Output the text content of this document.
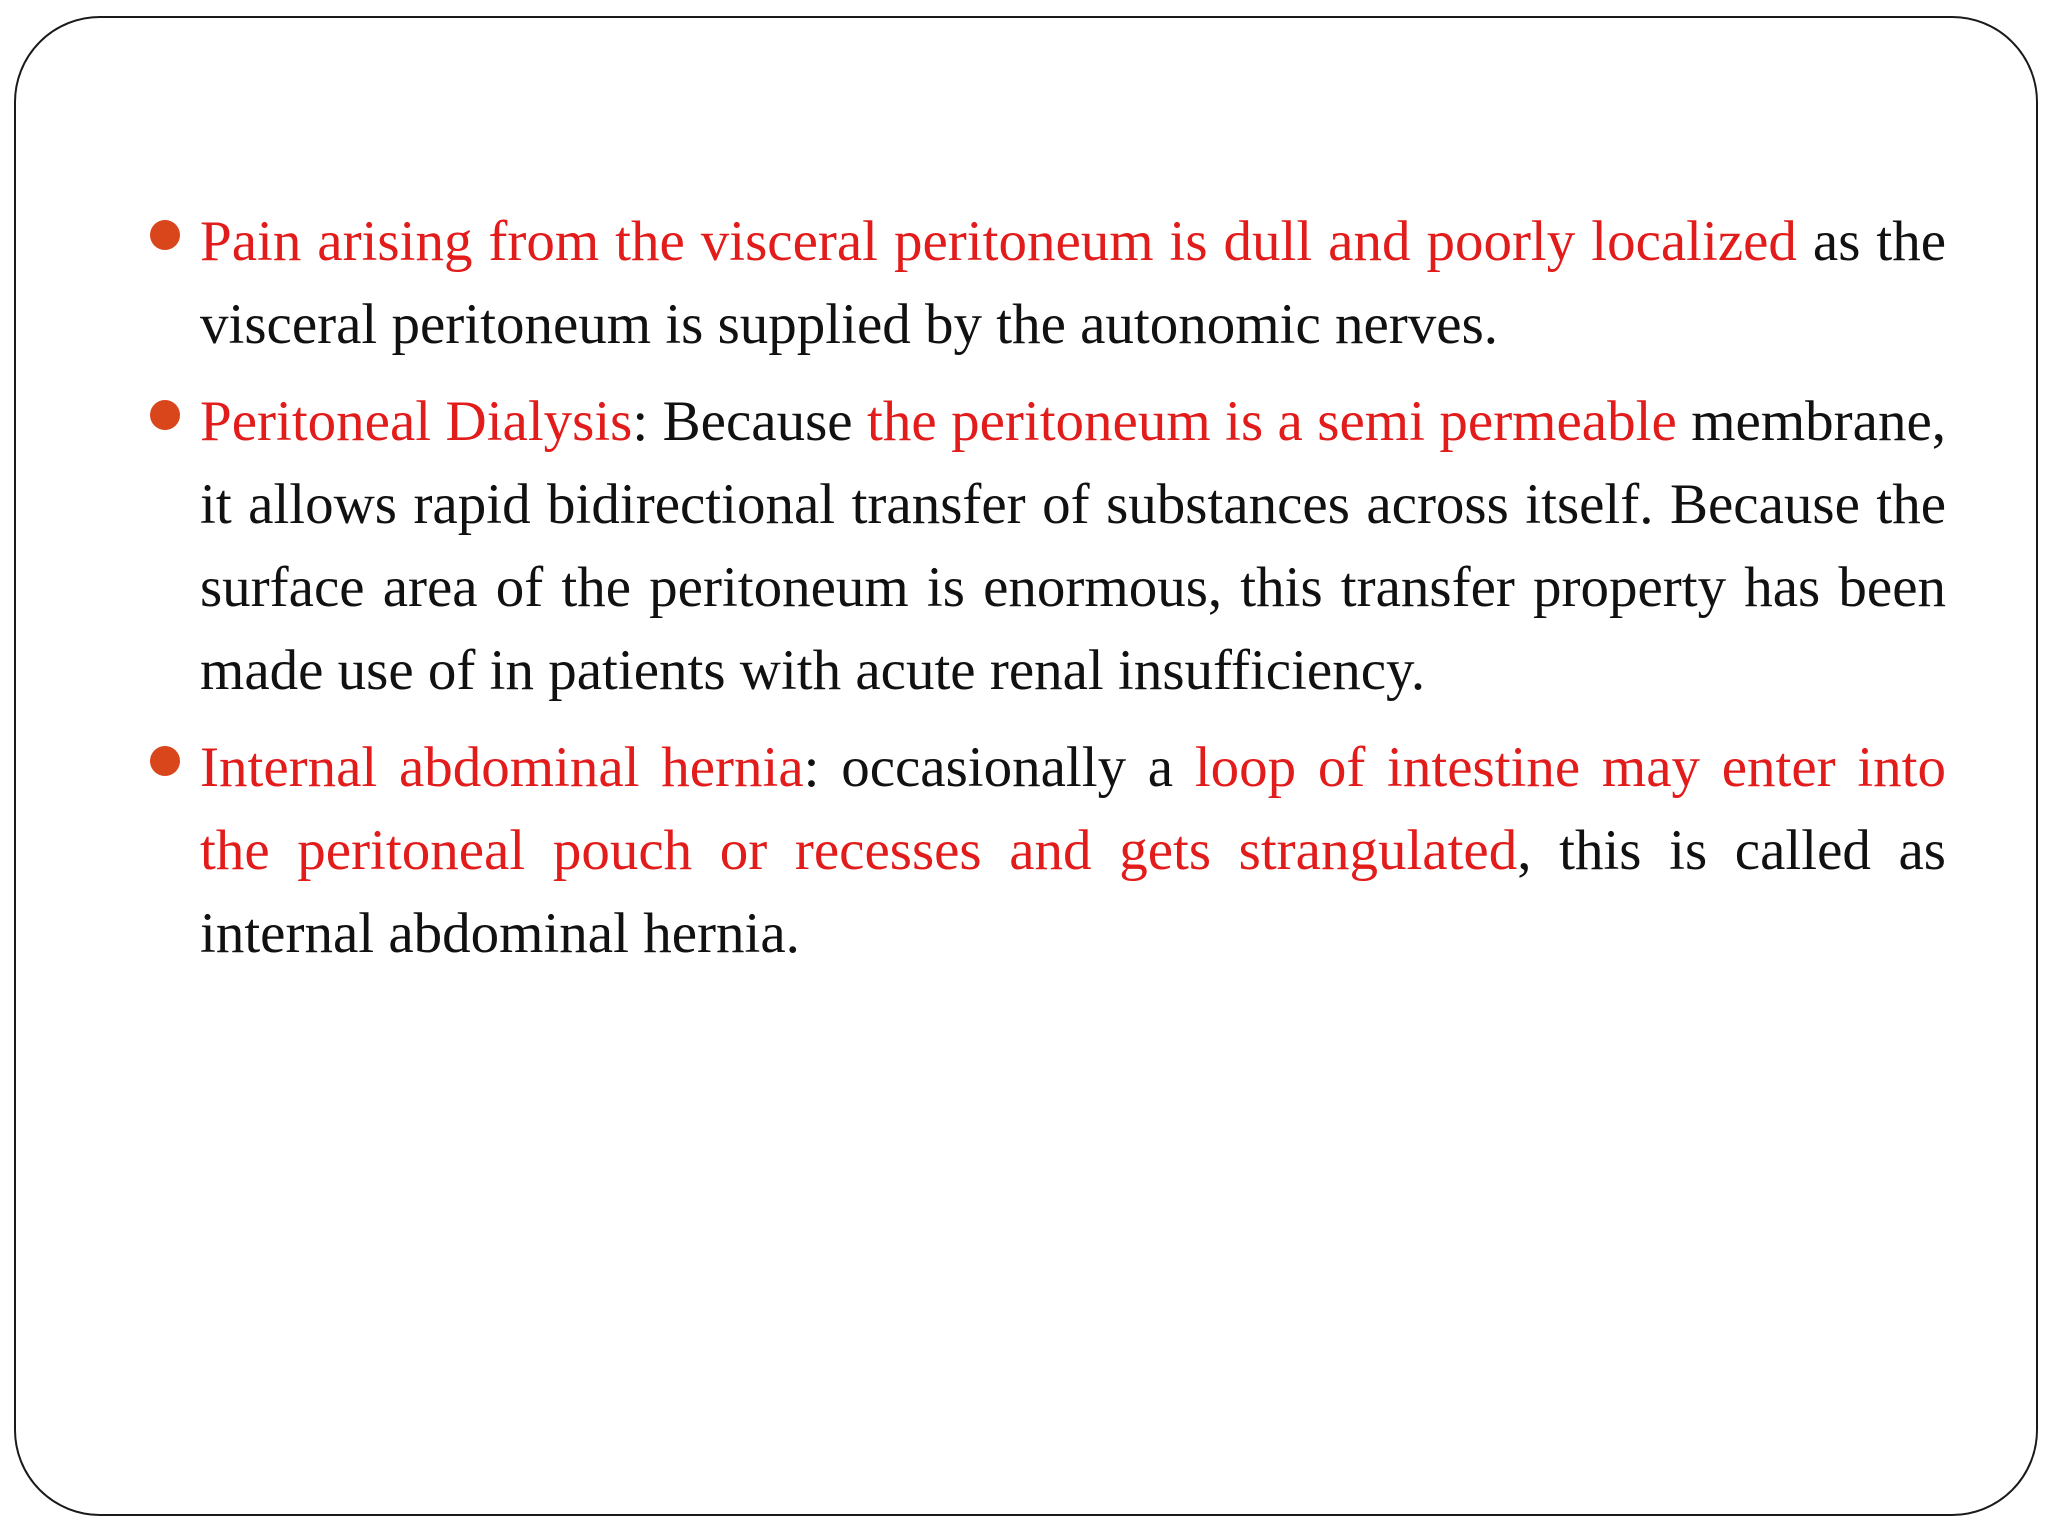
Pain arising from the visceral peritoneum is dull and poorly localized as the visceral peritoneum is supplied by the autonomic nerves.
Peritoneal Dialysis: Because the peritoneum is a semi permeable membrane, it allows rapid bidirectional transfer of substances across itself. Because the surface area of the peritoneum is enormous, this transfer property has been made use of in patients with acute renal insufficiency.
Internal abdominal hernia: occasionally a loop of intestine may enter into the peritoneal pouch or recesses and gets strangulated, this is called as internal abdominal hernia.
